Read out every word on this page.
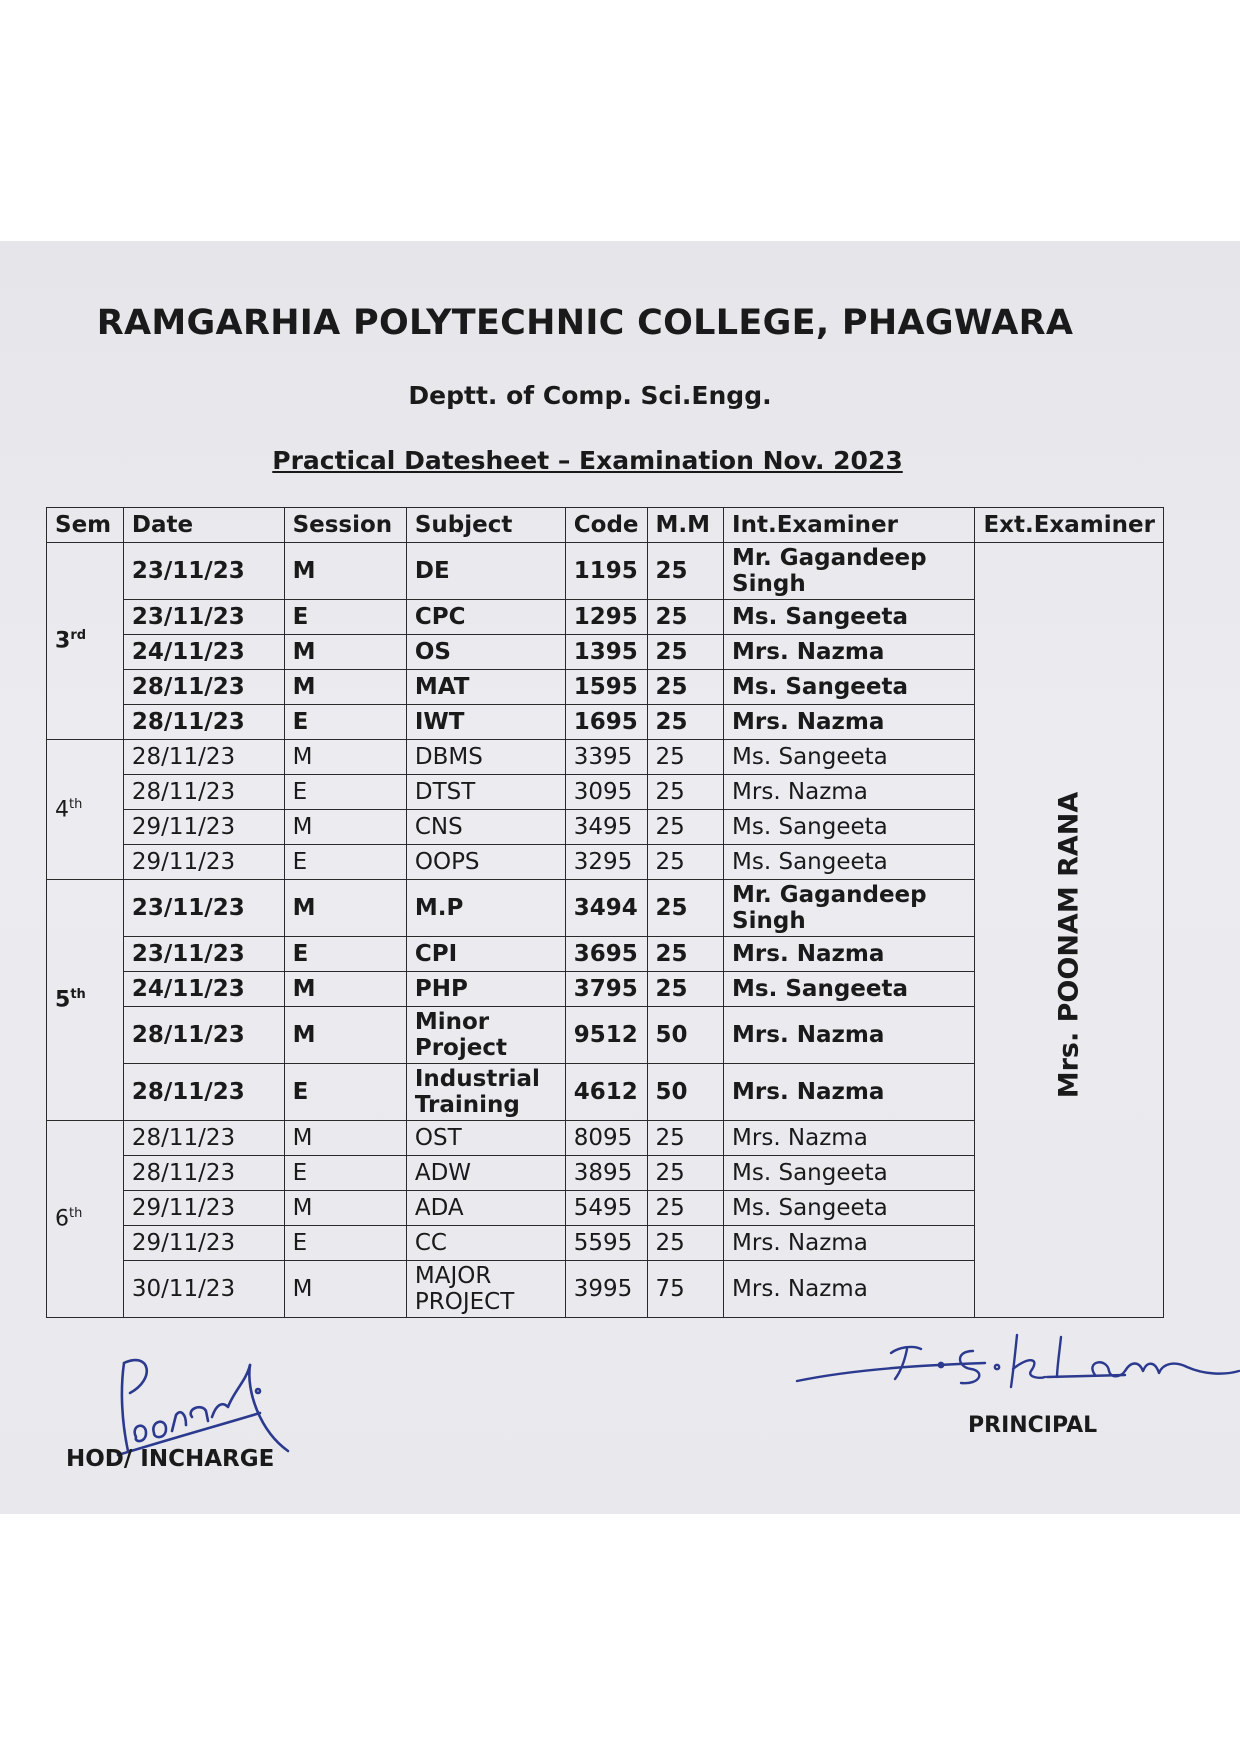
RAMGARHIA POLYTECHNIC COLLEGE, PHAGWARA
Deptt. of Comp. Sci.Engg.
Practical Datesheet – Examination Nov. 2023
Sem	Date	Session	Subject	Code	M.M	Int.Examiner	Ext.Examiner
3rd	23/11/23	M	DE	1195	25	Mr. Gagandeep Singh	Mrs. POONAM RANA

	23/11/23	E	CPC	1295	25	Ms. Sangeeta	
	24/11/23	M	OS	1395	25	Mrs. Nazma	
	28/11/23	M	MAT	1595	25	Ms. Sangeeta	
	28/11/23	E	IWT	1695	25	Mrs. Nazma	
4th	28/11/23	M	DBMS	3395	25	Ms. Sangeeta	
	28/11/23	E	DTST	3095	25	Mrs. Nazma	
	29/11/23	M	CNS	3495	25	Ms. Sangeeta	
	29/11/23	E	OOPS	3295	25	Ms. Sangeeta	
5th	23/11/23	M	M.P	3494	25	Mr. Gagandeep Singh	
	23/11/23	E	CPI	3695	25	Mrs. Nazma	
	24/11/23	M	PHP	3795	25	Ms. Sangeeta	
	28/11/23	M	Minor Project	9512	50	Mrs. Nazma	
	28/11/23	E	Industrial Training	4612	50	Mrs. Nazma	
6th	28/11/23	M	OST	8095	25	Mrs. Nazma	
	28/11/23	E	ADW	3895	25	Ms. Sangeeta	
	29/11/23	M	ADA	5495	25	Ms. Sangeeta	
	29/11/23	E	CC	5595	25	Mrs. Nazma	
	30/11/23	M	MAJOR PROJECT	3995	75	Mrs. Nazma	
HOD/ INCHARGE
PRINCIPAL
